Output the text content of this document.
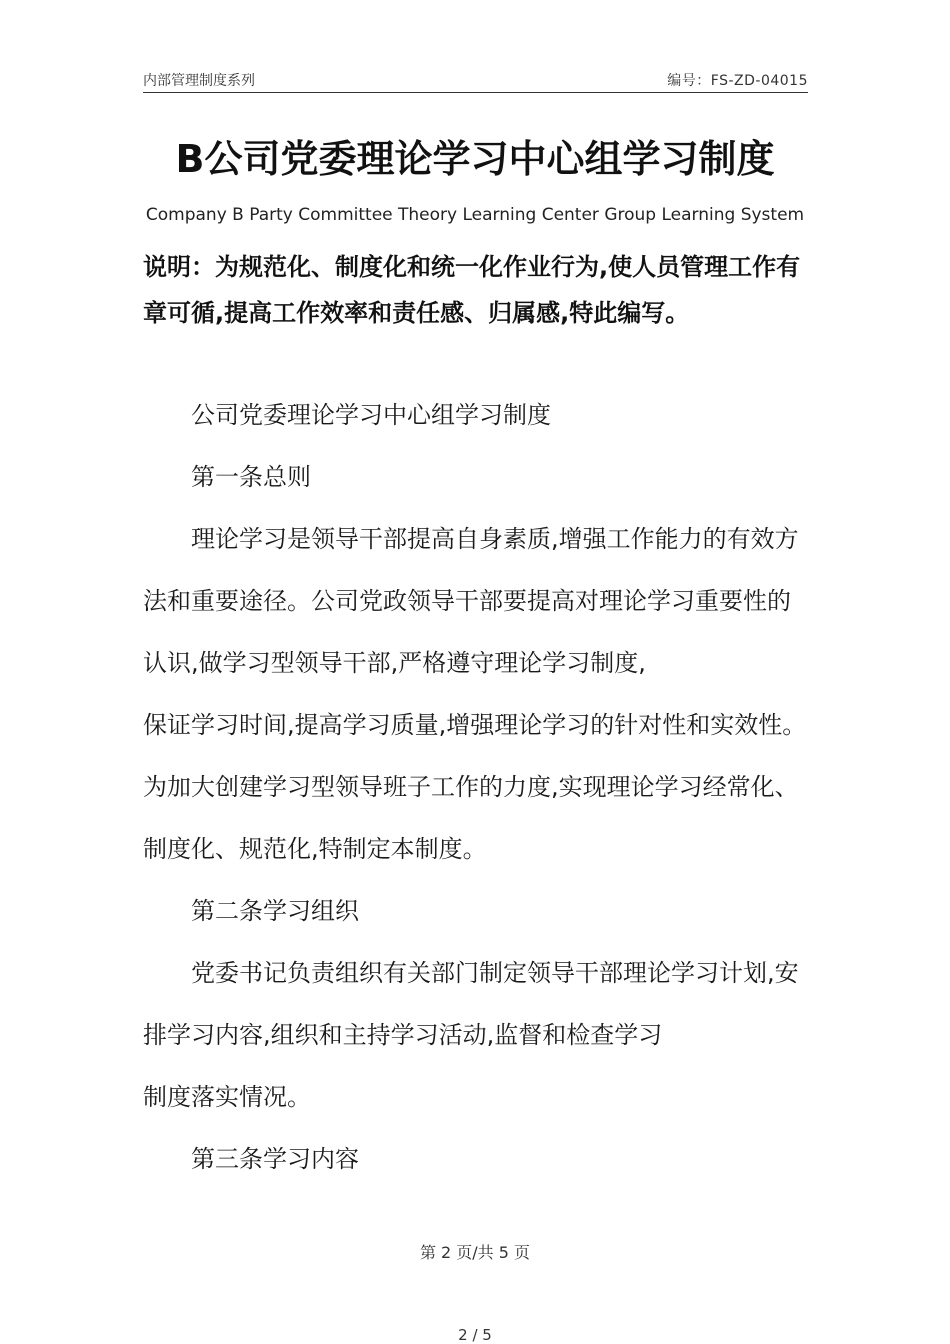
内部管理制度系列	编号：FS-ZD-04015
B公司党委理论学习中心组学习制度
Company B Party Committee Theory Learning Center Group Learning System
说明：为规范化、制度化和统一化作业行为,使人员管理工作有章可循,提高工作效率和责任感、归属感,特此编写。

公司党委理论学习中心组学习制度

第一条总则

理论学习是领导干部提高自身素质,增强工作能力的有效方法和重要途径。公司党政领导干部要提高对理论学习重要性的认识,做学习型领导干部,严格遵守理论学习制度,

保证学习时间,提高学习质量,增强理论学习的针对性和实效性。为加大创建学习型领导班子工作的力度,实现理论学习经常化、制度化、规范化,特制定本制度。

第二条学习组织

党委书记负责组织有关部门制定领导干部理论学习计划,安排学习内容,组织和主持学习活动,监督和检查学习

制度落实情况。

第三条学习内容

第 2 页/共 5 页
2 / 5
